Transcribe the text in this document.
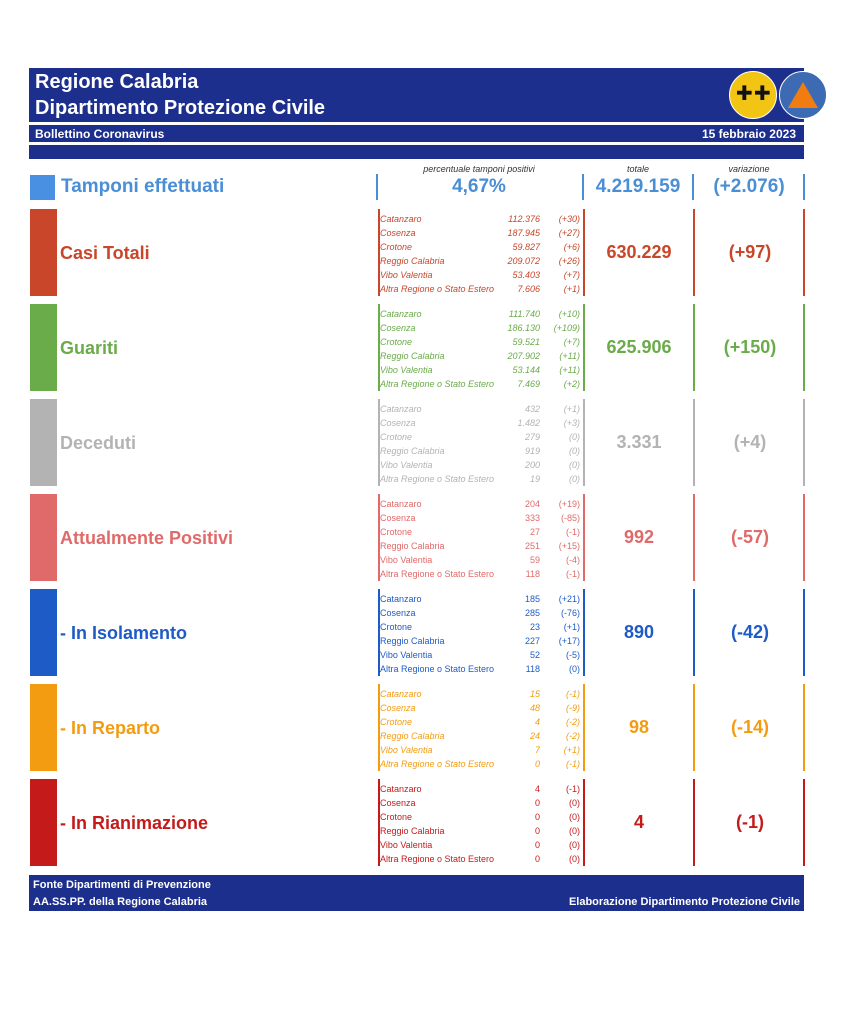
Regione Calabria
Dipartimento Protezione Civile
✚ ✚
Bollettino Coronavirus	15 febbraio 2023
percentuale tamponi positivi	totale	variazione
Tamponi effettuati	4,67%	4.219.159	(+2.076)
Casi Totali
Catanzaro	112.376 (+30)
Cosenza	187.945 (+27)
Crotone	59.827	(+6)
Reggio Calabria	209.072 (+26)
Vibo Valentia	53.403	(+7)
Altra Regione o Stato Estero	7.606	(+1)
630.229	(+97)
Guariti
Catanzaro	111.740 (+10)
Cosenza	186.130 (+109)
Crotone	59.521	(+7)
Reggio Calabria	207.902 (+11)
Vibo Valentia	53.144 (+11)
Altra Regione o Stato Estero	7.469	(+2)
625.906	(+150)
Deceduti
Catanzaro	432	(+1)
Cosenza	1.482	(+3)
Crotone	279	(0)
Reggio Calabria	919	(0)
Vibo Valentia	200	(0)
Altra Regione o Stato Estero	19	(0)
3.331	(+4)
Attualmente Positivi
Catanzaro	204 (+19)
Cosenza	333 (-85)
Crotone	27	(-1)
Reggio Calabria	251 (+15)
Vibo Valentia	59	(-4)
Altra Regione o Stato Estero	118	(-1)
992	(-57)
- In Isolamento
Catanzaro	185 (+21)
Cosenza	285 (-76)
Crotone	23	(+1)
Reggio Calabria	227 (+17)
Vibo Valentia	52	(-5)
Altra Regione o Stato Estero	118	(0)
890	(-42)
- In Reparto
Catanzaro	15	(-1)
Cosenza	48	(-9)
Crotone	4	(-2)
Reggio Calabria	24	(-2)
Vibo Valentia	7	(+1)
Altra Regione o Stato Estero	0	(-1)
98	(-14)
- In Rianimazione
Catanzaro	4	(-1)
Cosenza	0	(0)
Crotone	0	(0)
Reggio Calabria	0	(0)
Vibo Valentia	0	(0)
Altra Regione o Stato Estero	0	(0)
4	(-1)
Fonte Dipartimenti di Prevenzione
AA.SS.PP. della Regione Calabria	Elaborazione Dipartimento Protezione Civile
